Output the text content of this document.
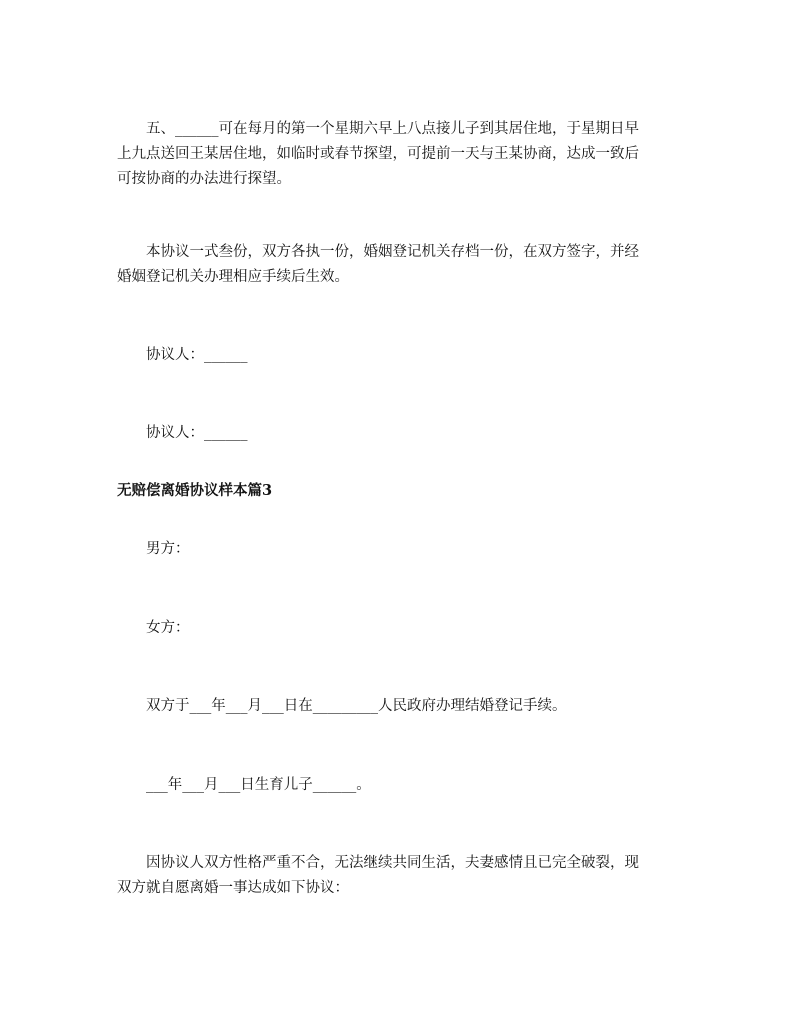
五、______可在每月的第一个星期六早上八点接儿子到其居住地，于星期日早
上九点送回王某居住地，如临时或春节探望，可提前一天与王某协商，达成一致后
可按协商的办法进行探望。

本协议一式叁份，双方各执一份，婚姻登记机关存档一份，在双方签字，并经
婚姻登记机关办理相应手续后生效。

协议人：______

协议人：______

无赔偿离婚协议样本篇3

男方：

女方：

双方于___年___月___日在_________人民政府办理结婚登记手续。

___年___月___日生育儿子______。

因协议人双方性格严重不合，无法继续共同生活，夫妻感情且已完全破裂，现
双方就自愿离婚一事达成如下协议：
